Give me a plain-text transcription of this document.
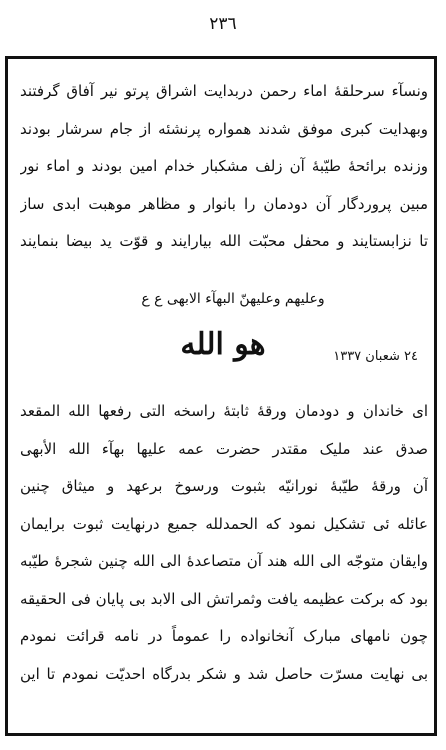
٢٣٦
ونسآء سرحلقهٔ اماء رحمن دربدایت اشراق پرتو نیر آفاق گرفتند
وبهدایت کبری موفق شدند همواره پرنشئه از جام سرشار بودند
وزنده برائحهٔ طیّبهٔ آن زلف مشکبار خدام امین بودند و اماء نور
مبین پروردگار آن دودمان را بانوار و مظاهر موهبت ابدی ساز
تا نزابستایند و محفل محبّت الله بیارایند و قوّت ید بیضا بنمایند
وعلیهم وعلیهنّ البهآء الابهی ع ع
هو الله	٢٤ شعبان ١٣٣٧
ای خاندان و دودمان ورقهٔ ثابتهٔ راسخه التی رفعها الله المقعد
صدق عند ملیک مقتدر حضرت عمه علیها بهآء الله الأبهی
آن ورقهٔ طیّبهٔ نورانیّه بثبوت ورسوخ برعهد و میثاق چنین
عائله ئی تشکیل نمود که الحمدلله جمیع درنهایت ثبوت برایمان
وایقان متوجّه الی الله هند آن متصاعدهٔ الی الله چنین شجرهٔ طیّبه
بود که برکت عظیمه یافت وثمراتش الی الابد بی پایان فی الحقیقه
چون نامهای مبارک آنخانواده را عموماً در نامه قرائت نمودم
بی نهایت مسرّت حاصل شد و شکر بدرگاه احدیّت نمودم تا این
